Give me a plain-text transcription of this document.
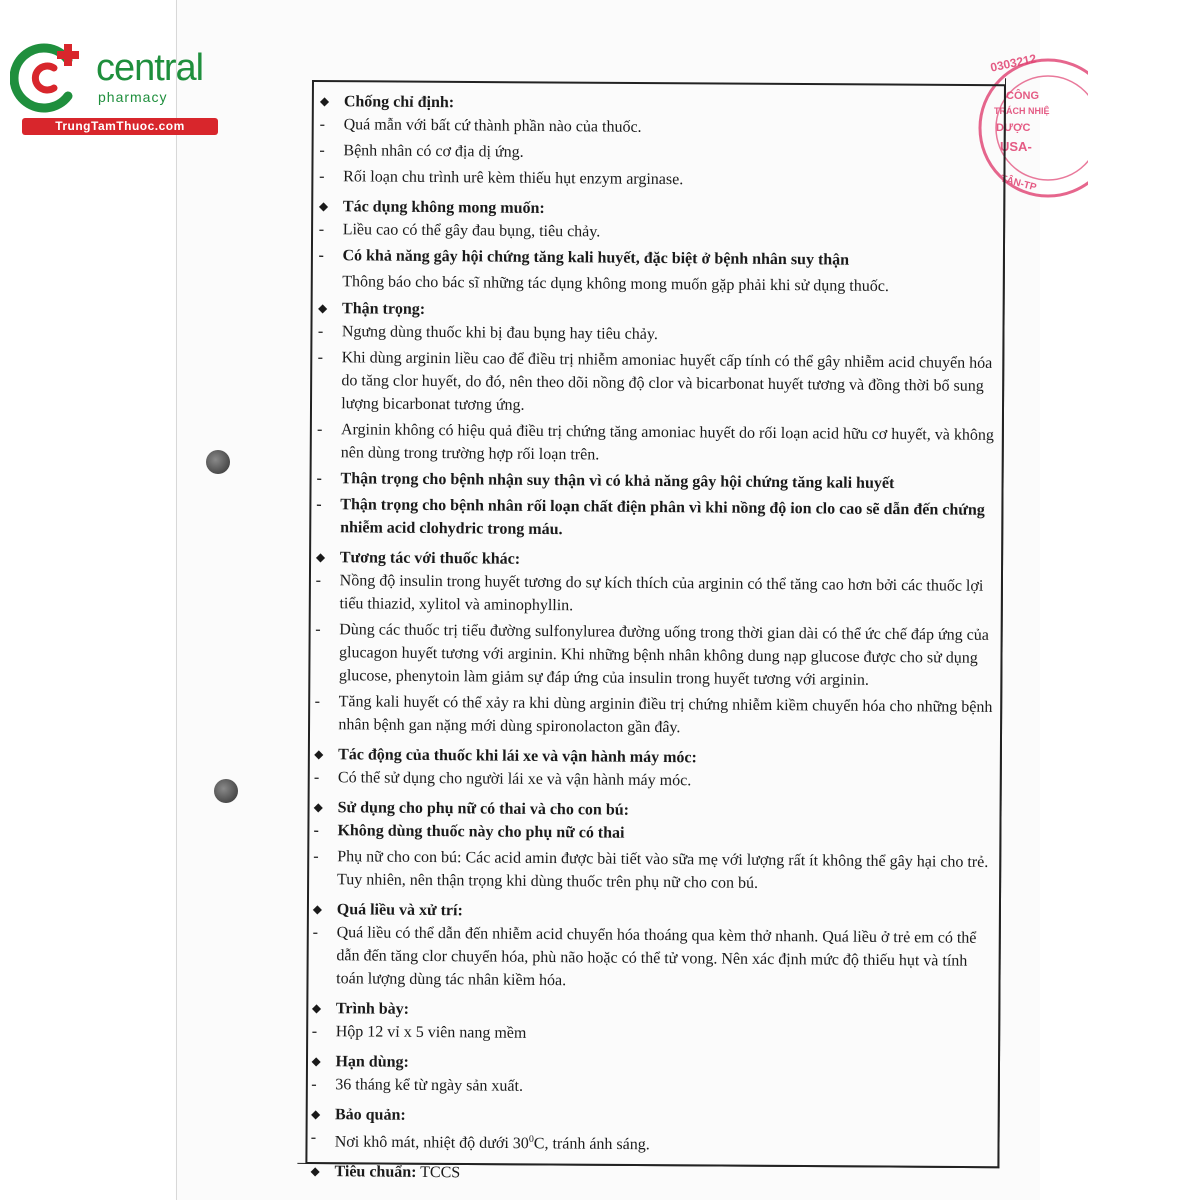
central
pharmacy
TrungTamThuoc.com
0303212
CÔNG
TRÁCH NHIỆ
DƯỢC
USA-
TÂN-TP
◆ Chống chỉ định:
- Quá mẫn với bất cứ thành phần nào của thuốc.
- Bệnh nhân có cơ địa dị ứng.
- Rối loạn chu trình urê kèm thiếu hụt enzym arginase.
◆ Tác dụng không mong muốn:
- Liều cao có thể gây đau bụng, tiêu chảy.
- Có khả năng gây hội chứng tăng kali huyết, đặc biệt ở bệnh nhân suy thận
Thông báo cho bác sĩ những tác dụng không mong muốn gặp phải khi sử dụng thuốc.
◆ Thận trọng:
- Ngưng dùng thuốc khi bị đau bụng hay tiêu chảy.
- Khi dùng arginin liều cao để điều trị nhiễm amoniac huyết cấp tính có thể gây nhiễm acid chuyển hóa do tăng clor huyết, do đó, nên theo dõi nồng độ clor và bicarbonat huyết tương và đồng thời bổ sung lượng bicarbonat tương ứng.
- Arginin không có hiệu quả điều trị chứng tăng amoniac huyết do rối loạn acid hữu cơ huyết, và không nên dùng trong trường hợp rối loạn trên.
- Thận trọng cho bệnh nhận suy thận vì có khả năng gây hội chứng tăng kali huyết
- Thận trọng cho bệnh nhân rối loạn chất điện phân vì khi nồng độ ion clo cao sẽ dẫn đến chứng nhiễm acid clohydric trong máu.
◆ Tương tác với thuốc khác:
- Nồng độ insulin trong huyết tương do sự kích thích của arginin có thể tăng cao hơn bởi các thuốc lợi tiểu thiazid, xylitol và aminophyllin.
- Dùng các thuốc trị tiểu đường sulfonylurea đường uống trong thời gian dài có thể ức chế đáp ứng của glucagon huyết tương với arginin. Khi những bệnh nhân không dung nạp glucose được cho sử dụng glucose, phenytoin làm giảm sự đáp ứng của insulin trong huyết tương với arginin.
- Tăng kali huyết có thể xảy ra khi dùng arginin điều trị chứng nhiễm kiềm chuyển hóa cho những bệnh nhân bệnh gan nặng mới dùng spironolacton gần đây.
◆ Tác động của thuốc khi lái xe và vận hành máy móc:
- Có thể sử dụng cho người lái xe và vận hành máy móc.
◆ Sử dụng cho phụ nữ có thai và cho con bú:
- Không dùng thuốc này cho phụ nữ có thai
- Phụ nữ cho con bú: Các acid amin được bài tiết vào sữa mẹ với lượng rất ít không thể gây hại cho trẻ. Tuy nhiên, nên thận trọng khi dùng thuốc trên phụ nữ cho con bú.
◆ Quá liều và xử trí:
- Quá liều có thể dẫn đến nhiễm acid chuyển hóa thoáng qua kèm thở nhanh. Quá liều ở trẻ em có thể dẫn đến tăng clor chuyển hóa, phù não hoặc có thể tử vong. Nên xác định mức độ thiếu hụt và tính toán lượng dùng tác nhân kiềm hóa.
◆ Trình bày:
- Hộp 12 vỉ x 5 viên nang mềm
◆ Hạn dùng:
- 36 tháng kể từ ngày sản xuất.
◆ Bảo quản:
- Nơi khô mát, nhiệt độ dưới $30^0C$, tránh ánh sáng.
◆ Tiêu chuẩn: TCCS
